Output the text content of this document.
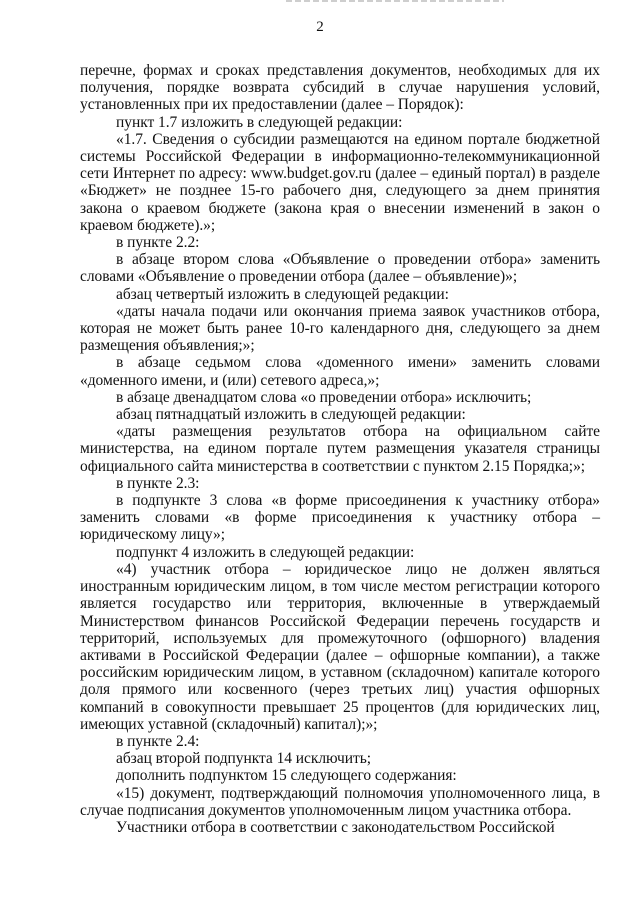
2

перечне, формах и сроках представления документов, необходимых для их получения, порядке возврата субсидий в случае нарушения условий, установленных при их предоставлении (далее – Порядок):

пункт 1.7 изложить в следующей редакции:

«1.7. Сведения о субсидии размещаются на едином портале бюджетной системы Российской Федерации в информационно-телекоммуникационной сети Интернет по адресу: www.budget.gov.ru (далее – единый портал) в разделе «Бюджет» не позднее 15-го рабочего дня, следующего за днем принятия закона о краевом бюджете (закона края о внесении изменений в закон о краевом бюджете).»;

в пункте 2.2:

в абзаце втором слова «Объявление о проведении отбора» заменить словами «Объявление о проведении отбора (далее – объявление)»;

абзац четвертый изложить в следующей редакции:

«даты начала подачи или окончания приема заявок участников отбора, которая не может быть ранее 10-го календарного дня, следующего за днем размещения объявления;»;

в абзаце седьмом слова «доменного имени» заменить словами «доменного имени, и (или) сетевого адреса,»;

в абзаце двенадцатом слова «о проведении отбора» исключить;

абзац пятнадцатый изложить в следующей редакции:

«даты размещения результатов отбора на официальном сайте министерства, на едином портале путем размещения указателя страницы официального сайта министерства в соответствии с пунктом 2.15 Порядка;»;

в пункте 2.3:

в подпункте 3 слова «в форме присоединения к участнику отбора» заменить словами «в форме присоединения к участнику отбора – юридическому лицу»;

подпункт 4 изложить в следующей редакции:

«4) участник отбора – юридическое лицо не должен являться иностранным юридическим лицом, в том числе местом регистрации которого является государство или территория, включенные в утверждаемый Министерством финансов Российской Федерации перечень государств и территорий, используемых для промежуточного (офшорного) владения активами в Российской Федерации (далее – офшорные компании), а также российским юридическим лицом, в уставном (складочном) капитале которого доля прямого или косвенного (через третьих лиц) участия офшорных компаний в совокупности превышает 25 процентов (для юридических лиц, имеющих уставной (складочный) капитал);»;

в пункте 2.4:

абзац второй подпункта 14 исключить;

дополнить подпунктом 15 следующего содержания:

«15) документ, подтверждающий полномочия уполномоченного лица, в случае подписания документов уполномоченным лицом участника отбора.

Участники отбора в соответствии с законодательством Российской
